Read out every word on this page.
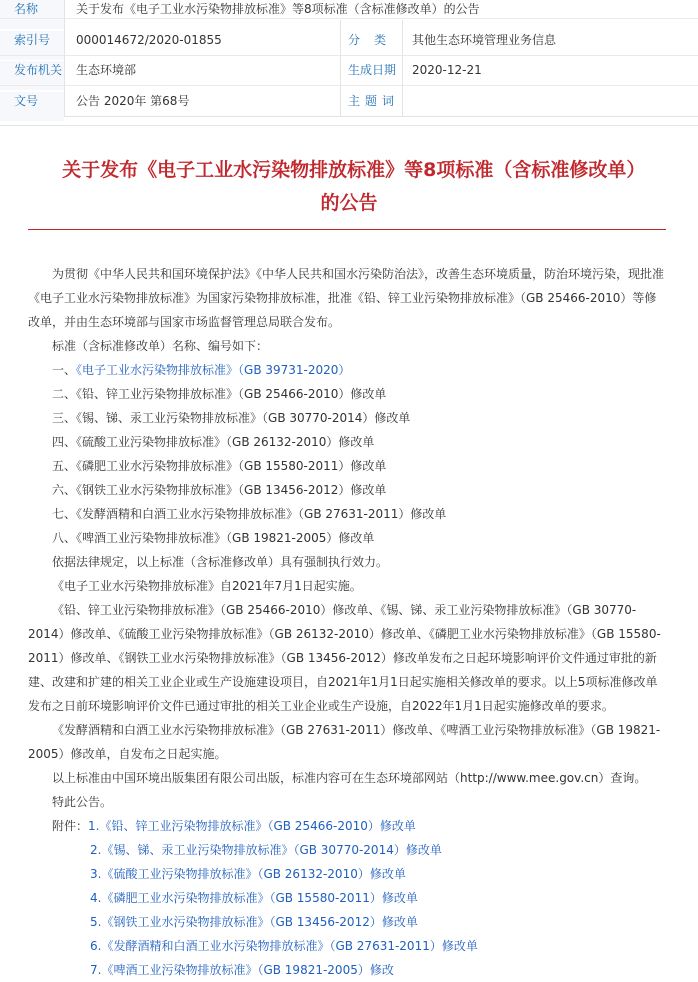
名称	关于发布《电子工业水污染物排放标准》等8项标准（含标准修改单）的公告
索引号	000014672/2020-01855	分类 其他生态环境管理业务信息
发布机关 生态环境部	生成日期	2020-12-21
文号	公告 2020年 第68号	主题词
关于发布《电子工业水污染物排放标准》等8项标准（含标准修改单）的公告

为贯彻《中华人民共和国环境保护法》《中华人民共和国水污染防治法》，改善生态环境质量，防治环境污染，现批准《电子工业水污染物排放标准》为国家污染物排放标准，批准《铅、锌工业污染物排放标准》（GB 25466-2010）等修改单，并由生态环境部与国家市场监督管理总局联合发布。

标准（含标准修改单）名称、编号如下：

一、《电子工业水污染物排放标准》（GB 39731-2020）

二、《铅、锌工业污染物排放标准》（GB 25466-2010）修改单

三、《锡、锑、汞工业污染物排放标准》（GB 30770-2014）修改单

四、《硫酸工业污染物排放标准》（GB 26132-2010）修改单

五、《磷肥工业水污染物排放标准》（GB 15580-2011）修改单

六、《钢铁工业水污染物排放标准》（GB 13456-2012）修改单

七、《发酵酒精和白酒工业水污染物排放标准》（GB 27631-2011）修改单

八、《啤酒工业污染物排放标准》（GB 19821-2005）修改单

依据法律规定，以上标准（含标准修改单）具有强制执行效力。

《电子工业水污染物排放标准》自2021年7月1日起实施。

《铅、锌工业污染物排放标准》（GB 25466-2010）修改单、《锡、锑、汞工业污染物排放标准》（GB 30770-2014）修改单、《硫酸工业污染物排放标准》（GB 26132-2010）修改单、《磷肥工业水污染物排放标准》（GB 15580-2011）修改单、《钢铁工业水污染物排放标准》（GB 13456-2012）修改单发布之日起环境影响评价文件通过审批的新建、改建和扩建的相关工业企业或生产设施建设项目，自2021年1月1日起实施相关修改单的要求。以上5项标准修改单发布之日前环境影响评价文件已通过审批的相关工业企业或生产设施，自2022年1月1日起实施修改单的要求。

《发酵酒精和白酒工业水污染物排放标准》（GB 27631-2011）修改单、《啤酒工业污染物排放标准》（GB 19821-2005）修改单，自发布之日起实施。

以上标准由中国环境出版集团有限公司出版，标准内容可在生态环境部网站（http://www.mee.gov.cn）查询。

特此公告。

附件：1.《铅、锌工业污染物排放标准》（GB 25466-2010）修改单

2.《锡、锑、汞工业污染物排放标准》（GB 30770-2014）修改单

3.《硫酸工业污染物排放标准》（GB 26132-2010）修改单

4.《磷肥工业水污染物排放标准》（GB 15580-2011）修改单

5.《钢铁工业水污染物排放标准》（GB 13456-2012）修改单

6.《发酵酒精和白酒工业水污染物排放标准》（GB 27631-2011）修改单

7.《啤酒工业污染物排放标准》（GB 19821-2005）修改
